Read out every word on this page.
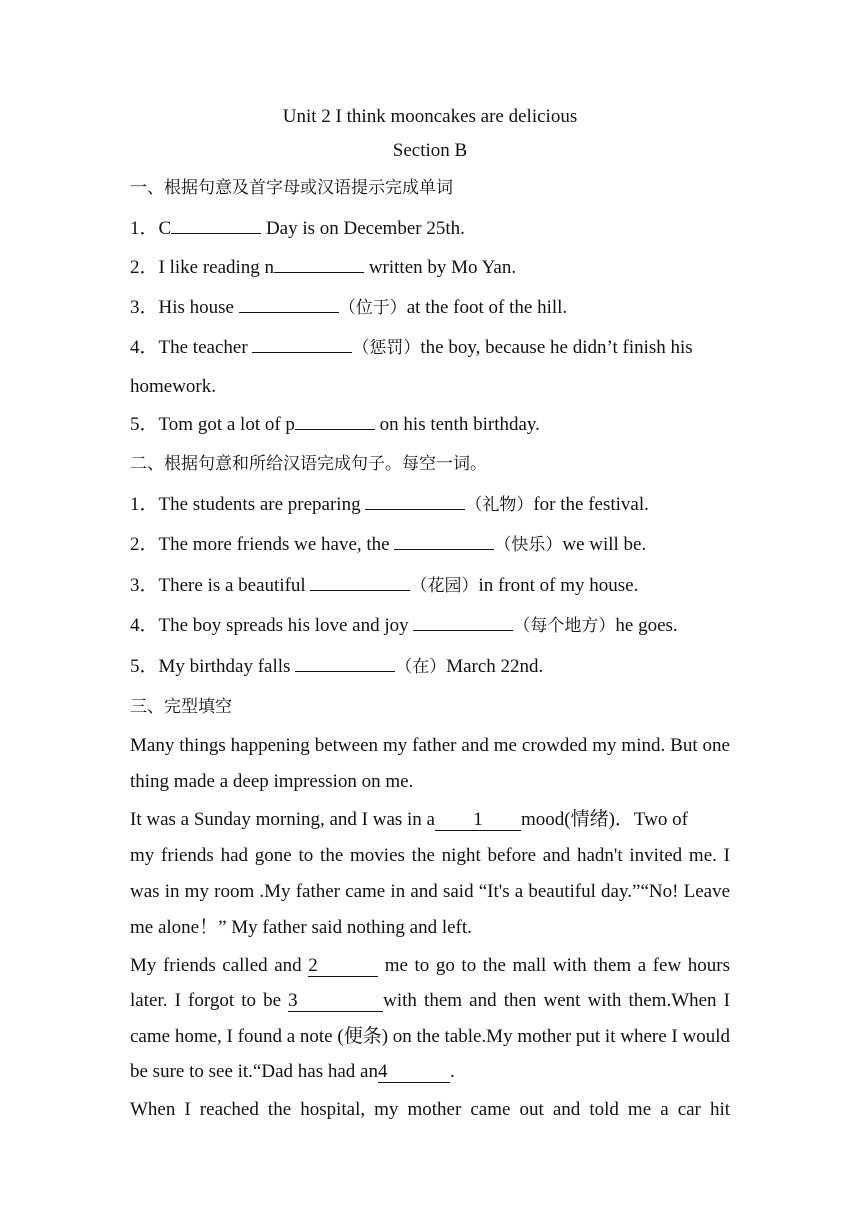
Unit 2 I think mooncakes are delicious

Section B

一、根据句意及首字母或汉语提示完成单词

1．C	Day is on December 25th.

2．I like reading n	written by Mo Yan.

3．His house	（位于）at the foot of the hill.

4．The teacher	（惩罚）the boy, because he didn’t finish his

homework.

5．Tom got a lot of p	on his tenth birthday.

二、根据句意和所给汉语完成句子。每空一词。

1．The students are preparing	（礼物）for the festival.

2．The more friends we have, the	（快乐）we will be.

3．There is a beautiful	（花园）in front of my house.

4．The boy spreads his love and joy	（每个地方）he goes.

5．My birthday falls	（在）March 22nd.

三、完型填空

Many things happening between my father and me crowded my mind. But one thing made a deep impression on me.

It was a Sunday morning, and I was in a 1 mood(情绪)．Two of

my friends had gone to the movies the night before and hadn't invited me. I was in my room .My father came in and said “It's a beautiful day.”“No! Leave me alone！” My father said nothing and left.

My friends called and 2	me to go to the mall with them a few hours later. I forgot to be 3	with them and then went with them.When I came home, I found a note (便条) on the table.My mother put it where I would be sure to see it.“Dad has had an4	.

When I reached the hospital, my mother came out and told me a car hit
